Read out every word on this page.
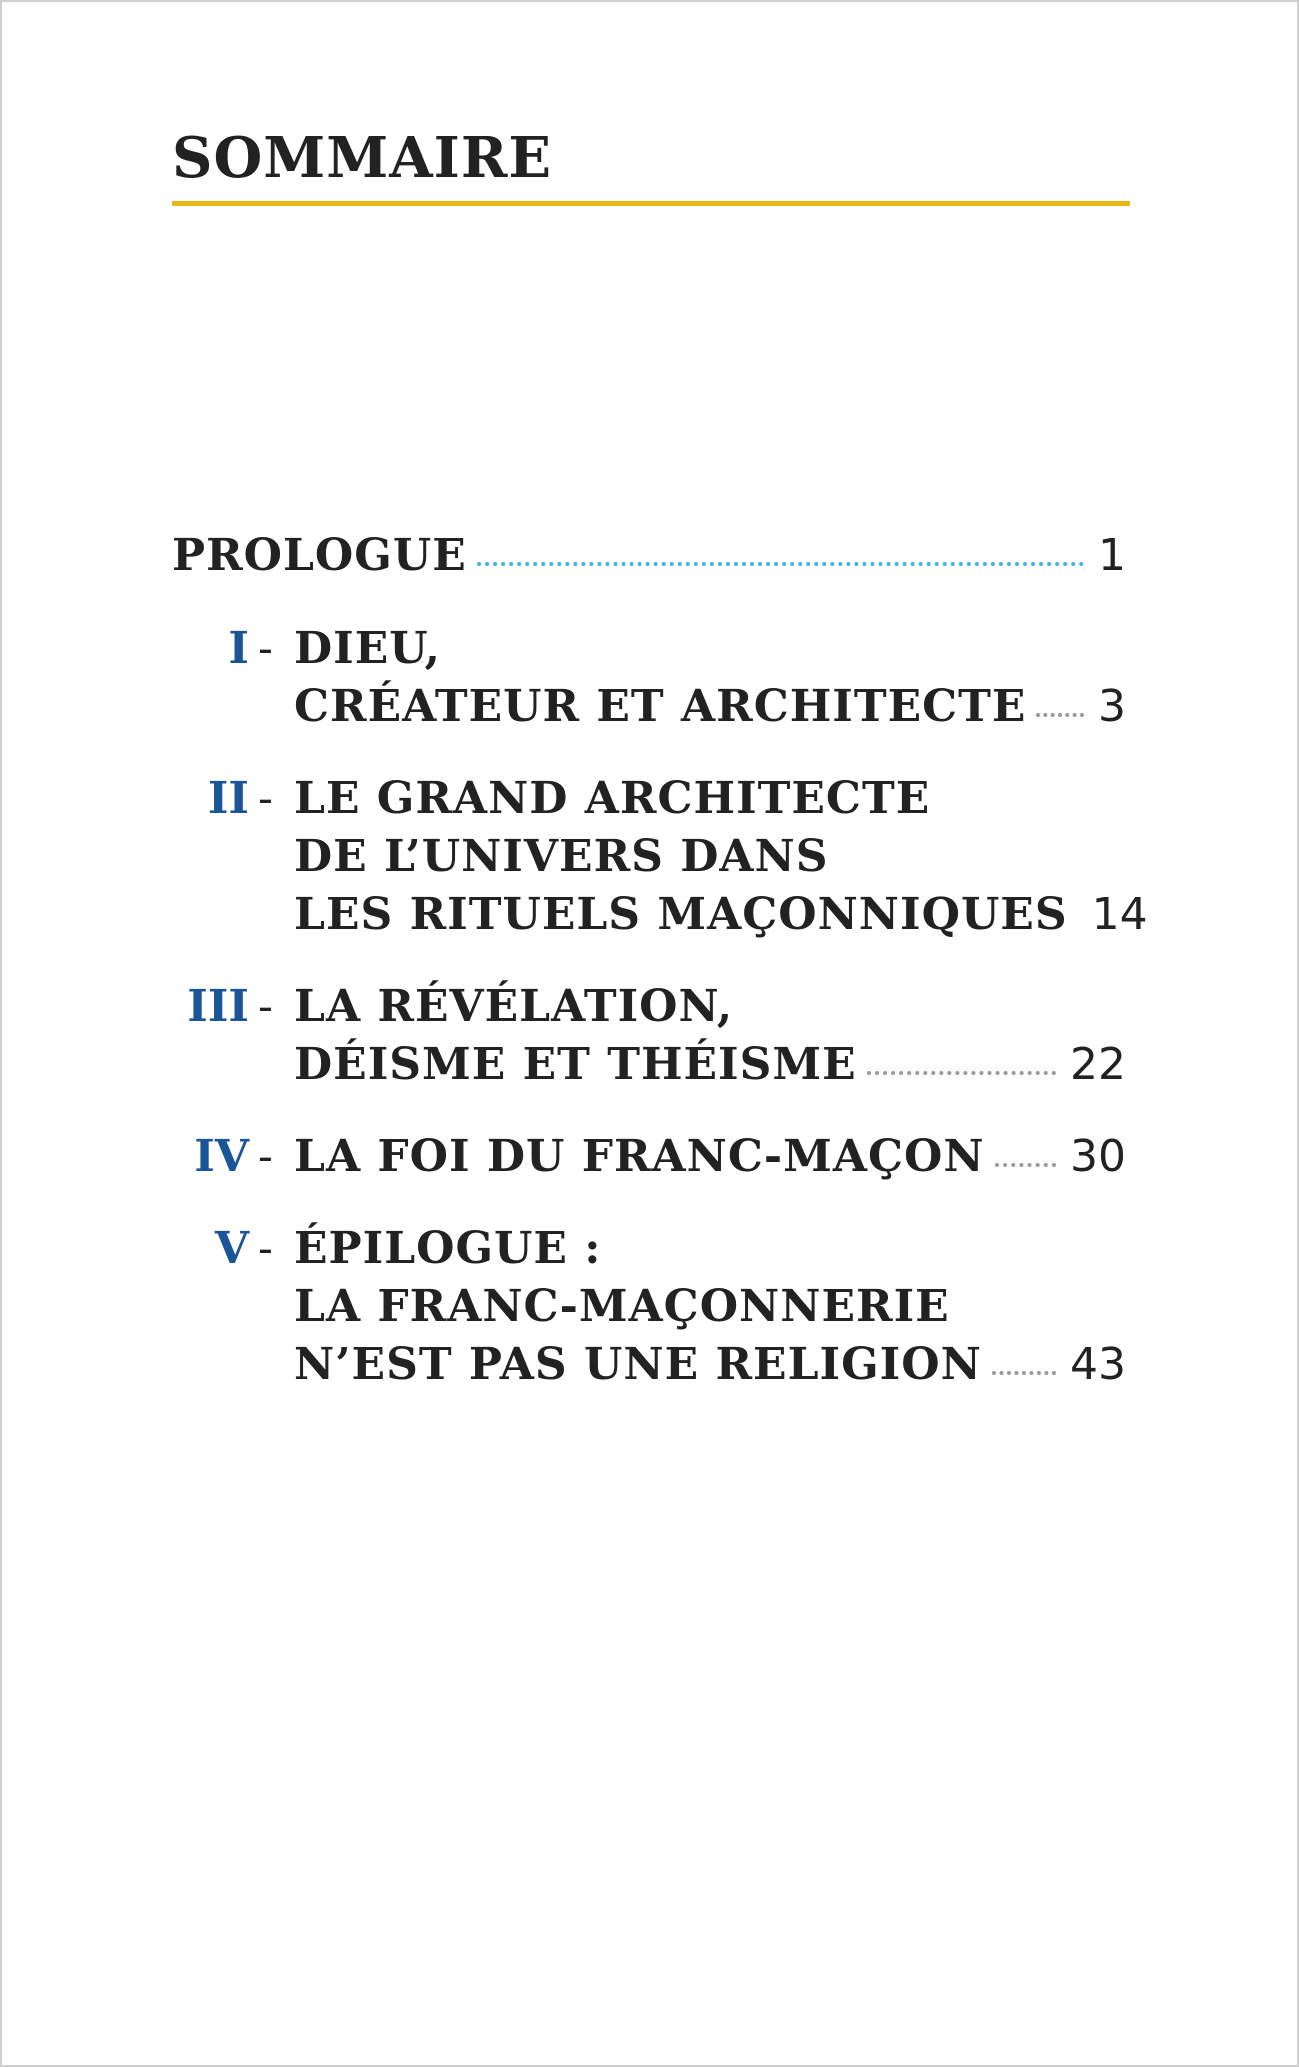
SOMMAIRE
PROLOGUE	1
I - DIEU,
CRÉATEUR ET ARCHITECTE 3
II - LE GRAND ARCHITECTE
DE L’UNIVERS DANS
LES RITUELS MAÇONNIQUES 14
III - LA RÉVÉLATION,
DÉISME ET THÉISME	22
IV - LA FOI DU FRANC-MAÇON 30
V - ÉPILOGUE :
LA FRANC-MAÇONNERIE
N’EST PAS UNE RELIGION 43
